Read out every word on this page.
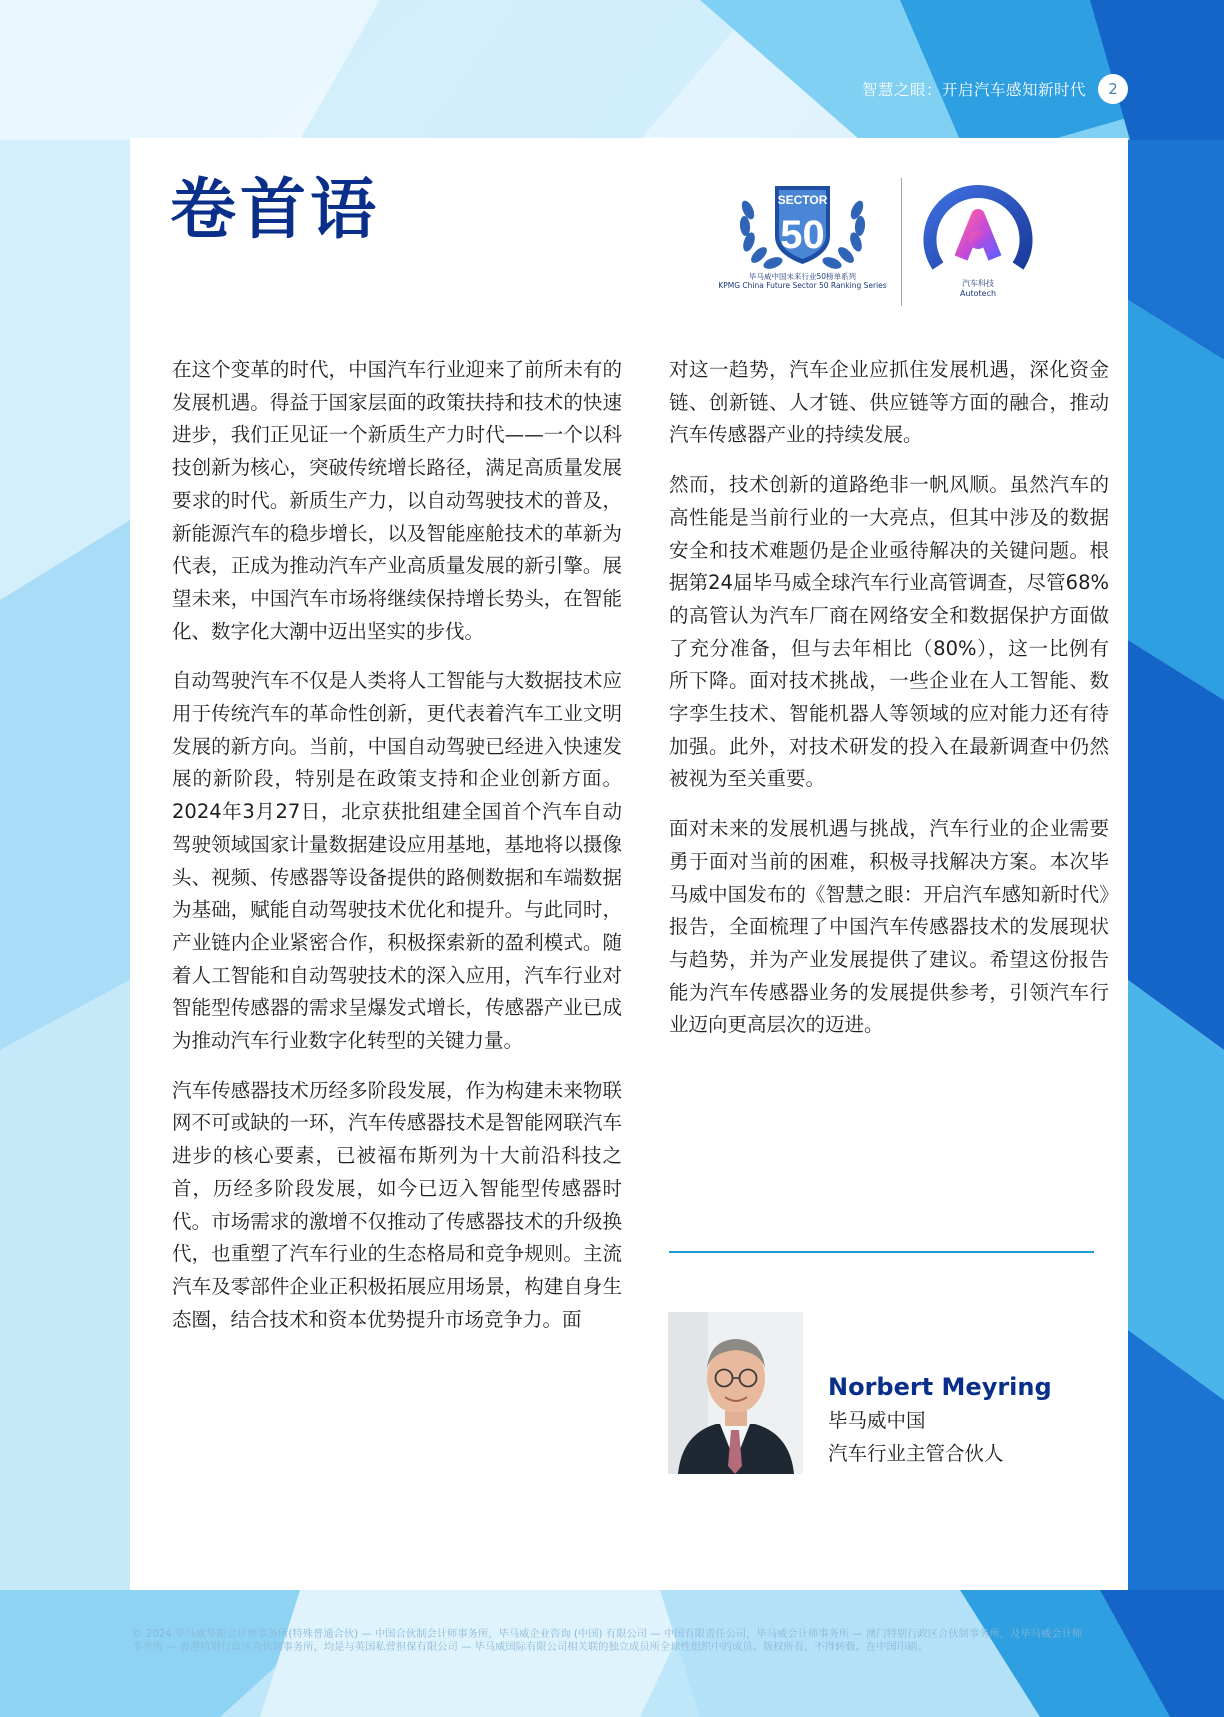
智慧之眼：开启汽车感知新时代	2
卷首语	SECTOR
50
毕马威中国未来行业50榜单系列
KPMG China Future Sector 50 Ranking Series	汽车科技
Autotech

在这个变革的时代，中国汽车行业迎来了前所未有的发展机遇。得益于国家层面的政策扶持和技术的快速进步，我们正见证一个新质生产力时代——一个以科技创新为核心，突破传统增长路径，满足高质量发展要求的时代。新质生产力，以自动驾驶技术的普及，新能源汽车的稳步增长，以及智能座舱技术的革新为代表，正成为推动汽车产业高质量发展的新引擎。展望未来，中国汽车市场将继续保持增长势头，在智能化、数字化大潮中迈出坚实的步伐。

自动驾驶汽车不仅是人类将人工智能与大数据技术应用于传统汽车的革命性创新，更代表着汽车工业文明发展的新方向。当前，中国自动驾驶已经进入快速发展的新阶段，特别是在政策支持和企业创新方面。2024年3月27日，北京获批组建全国首个汽车自动驾驶领域国家计量数据建设应用基地，基地将以摄像头、视频、传感器等设备提供的路侧数据和车端数据为基础，赋能自动驾驶技术优化和提升。与此同时，产业链内企业紧密合作，积极探索新的盈利模式。随着人工智能和自动驾驶技术的深入应用，汽车行业对智能型传感器的需求呈爆发式增长，传感器产业已成为推动汽车行业数字化转型的关键力量。

汽车传感器技术历经多阶段发展，作为构建未来物联网不可或缺的一环，汽车传感器技术是智能网联汽车进步的核心要素，已被福布斯列为十大前沿科技之首，历经多阶段发展，如今已迈入智能型传感器时代。市场需求的激增不仅推动了传感器技术的升级换代，也重塑了汽车行业的生态格局和竞争规则。主流汽车及零部件企业正积极拓展应用场景，构建自身生态圈，结合技术和资本优势提升市场竞争力。面

对这一趋势，汽车企业应抓住发展机遇，深化资金链、创新链、人才链、供应链等方面的融合，推动汽车传感器产业的持续发展。

然而，技术创新的道路绝非一帆风顺。虽然汽车的高性能是当前行业的一大亮点，但其中涉及的数据安全和技术难题仍是企业亟待解决的关键问题。根据第24届毕马威全球汽车行业高管调查，尽管68%的高管认为汽车厂商在网络安全和数据保护方面做了充分准备，但与去年相比（80%），这一比例有所下降。面对技术挑战，一些企业在人工智能、数字孪生技术、智能机器人等领域的应对能力还有待加强。此外，对技术研发的投入在最新调查中仍然被视为至关重要。

面对未来的发展机遇与挑战，汽车行业的企业需要勇于面对当前的困难，积极寻找解决方案。本次毕马威中国发布的《智慧之眼：开启汽车感知新时代》报告，全面梳理了中国汽车传感器技术的发展现状与趋势，并为产业发展提供了建议。希望这份报告能为汽车传感器业务的发展提供参考，引领汽车行业迈向更高层次的迈进。

Norbert Meyring
毕马威中国
汽车行业主管合伙人
© 2024 毕马威华振会计师事务所(特殊普通合伙) — 中国合伙制会计师事务所，毕马威企业咨询 (中国) 有限公司 — 中国有限责任公司，毕马威会计师事务所 — 澳门特别行政区合伙制事务所，及毕马威会计师事务所 — 香港特别行政区合伙制事务所，均是与英国私营担保有限公司 — 毕马威国际有限公司相关联的独立成员所全球性组织中的成员。版权所有，不得转载。在中国印刷。
